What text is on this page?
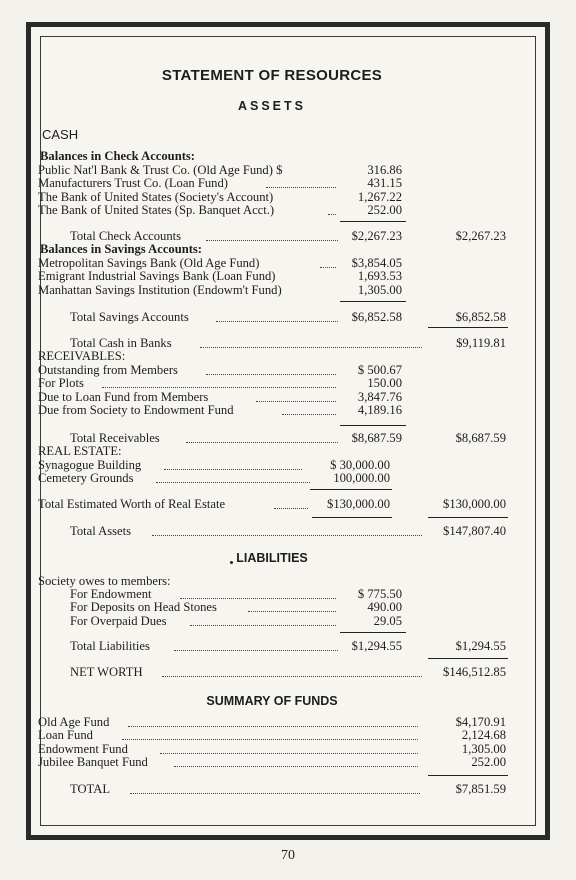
STATEMENT OF RESOURCES
ASSETS
CASH
Balances in Check Accounts:
Public Nat'l Bank & Trust Co. (Old Age Fund) $	316.86
Manufacturers Trust Co. (Loan Fund)	431.15
The Bank of United States (Society's Account)	1,267.22
The Bank of United States (Sp. Banquet Acct.)	252.00
Total Check Accounts	$2,267.23	$2,267.23
Balances in Savings Accounts:
Metropolitan Savings Bank (Old Age Fund)	$3,854.05
Emigrant Industrial Savings Bank (Loan Fund)	1,693.53
Manhattan Savings Institution (Endowm't Fund)	1,305.00
Total Savings Accounts	$6,852.58	$6,852.58
Total Cash in Banks	$9,119.81
RECEIVABLES:
Outstanding from Members	$ 500.67
For Plots	150.00
Due to Loan Fund from Members	3,847.76
Due from Society to Endowment Fund	4,189.16
Total Receivables	$8,687.59	$8,687.59
REAL ESTATE:
Synagogue Building	$ 30,000.00
Cemetery Grounds	100,000.00
Total Estimated Worth of Real Estate	$130,000.00	$130,000.00
Total Assets	$147,807.40
LIABILITIES
Society owes to members:
For Endowment	$ 775.50
For Deposits on Head Stones	490.00
For Overpaid Dues	29.05
Total Liabilities	$1,294.55	$1,294.55
NET WORTH	$146,512.85
SUMMARY OF FUNDS
Old Age Fund	$4,170.91
Loan Fund	2,124.68
Endowment Fund	1,305.00
Jubilee Banquet Fund	252.00
TOTAL	$7,851.59
70
